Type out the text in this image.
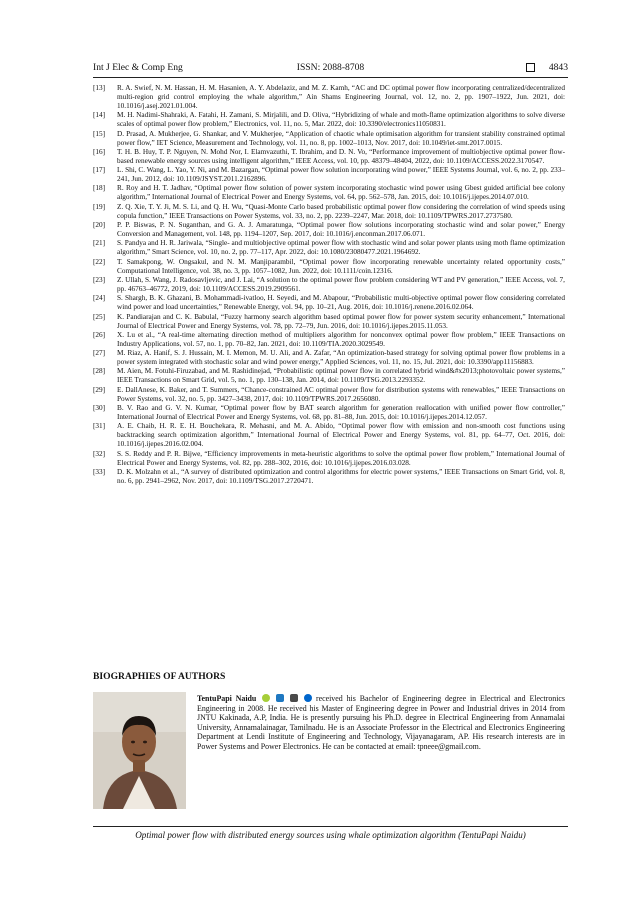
Int J Elec & Comp Eng	ISSN: 2088-8708	4843
[13]	R. A. Swief, N. M. Hassan, H. M. Hasanien, A. Y. Abdelaziz, and M. Z. Kamh, “AC and DC optimal power flow incorporating centralized/decentralized multi-region grid control employing the whale algorithm,” Ain Shams Engineering Journal, vol. 12, no. 2, pp. 1907–1922, Jun. 2021, doi: 10.1016/j.asej.2021.01.004.
[14]	M. H. Nadimi-Shahraki, A. Fatahi, H. Zamani, S. Mirjalili, and D. Oliva, “Hybridizing of whale and moth-flame optimization algorithms to solve diverse scales of optimal power flow problem,” Electronics, vol. 11, no. 5, Mar. 2022, doi: 10.3390/electronics11050831.
[15]	D. Prasad, A. Mukherjee, G. Shankar, and V. Mukherjee, “Application of chaotic whale optimisation algorithm for transient stability constrained optimal power flow,” IET Science, Measurement and Technology, vol. 11, no. 8, pp. 1002–1013, Nov. 2017, doi: 10.1049/iet-smt.2017.0015.
[16]	T. H. B. Huy, T. P. Nguyen, N. Mohd Nor, I. Elamvazuthi, T. Ibrahim, and D. N. Vo, “Performance improvement of multiobjective optimal power flow-based renewable energy sources using intelligent algorithm,” IEEE Access, vol. 10, pp. 48379–48404, 2022, doi: 10.1109/ACCESS.2022.3170547.
[17]	L. Shi, C. Wang, L. Yao, Y. Ni, and M. Bazargan, “Optimal power flow solution incorporating wind power,” IEEE Systems Journal, vol. 6, no. 2, pp. 233–241, Jun. 2012, doi: 10.1109/JSYST.2011.2162896.
[18]	R. Roy and H. T. Jadhav, “Optimal power flow solution of power system incorporating stochastic wind power using Gbest guided artificial bee colony algorithm,” International Journal of Electrical Power and Energy Systems, vol. 64, pp. 562–578, Jan. 2015, doi: 10.1016/j.ijepes.2014.07.010.
[19]	Z. Q. Xie, T. Y. Ji, M. S. Li, and Q. H. Wu, “Quasi-Monte Carlo based probabilistic optimal power flow considering the correlation of wind speeds using copula function,” IEEE Transactions on Power Systems, vol. 33, no. 2, pp. 2239–2247, Mar. 2018, doi: 10.1109/TPWRS.2017.2737580.
[20]	P. P. Biswas, P. N. Suganthan, and G. A. J. Amaratunga, “Optimal power flow solutions incorporating stochastic wind and solar power,” Energy Conversion and Management, vol. 148, pp. 1194–1207, Sep. 2017, doi: 10.1016/j.enconman.2017.06.071.
[21]	S. Pandya and H. R. Jariwala, “Single- and multiobjective optimal power flow with stochastic wind and solar power plants using moth flame optimization algorithm,” Smart Science, vol. 10, no. 2, pp. 77–117, Apr. 2022, doi: 10.1080/23080477.2021.1964692.
[22]	T. Samakpong, W. Ongsakul, and N. M. Manjiparambil, “Optimal power flow incorporating renewable uncertainty related opportunity costs,” Computational Intelligence, vol. 38, no. 3, pp. 1057–1082, Jun. 2022, doi: 10.1111/coin.12316.
[23]	Z. Ullah, S. Wang, J. Radosavljevic, and J. Lai, “A solution to the optimal power flow problem considering WT and PV generation,” IEEE Access, vol. 7, pp. 46763–46772, 2019, doi: 10.1109/ACCESS.2019.2909561.
[24]	S. Shargh, B. K. Ghazani, B. Mohammadi-ivatloo, H. Seyedi, and M. Abapour, “Probabilistic multi-objective optimal power flow considering correlated wind power and load uncertainties,” Renewable Energy, vol. 94, pp. 10–21, Aug. 2016, doi: 10.1016/j.renene.2016.02.064.
[25]	K. Pandiarajan and C. K. Babulal, “Fuzzy harmony search algorithm based optimal power flow for power system security enhancement,” International Journal of Electrical Power and Energy Systems, vol. 78, pp. 72–79, Jun. 2016, doi: 10.1016/j.ijepes.2015.11.053.
[26]	X. Lu et al., “A real-time alternating direction method of multipliers algorithm for nonconvex optimal power flow problem,” IEEE Transactions on Industry Applications, vol. 57, no. 1, pp. 70–82, Jan. 2021, doi: 10.1109/TIA.2020.3029549.
[27]	M. Riaz, A. Hanif, S. J. Hussain, M. I. Memon, M. U. Ali, and A. Zafar, “An optimization-based strategy for solving optimal power flow problems in a power system integrated with stochastic solar and wind power energy,” Applied Sciences, vol. 11, no. 15, Jul. 2021, doi: 10.3390/app11156883.
[28]	M. Aien, M. Fotuhi-Firuzabad, and M. Rashidinejad, “Probabilistic optimal power flow in correlated hybrid wind&#x2013;photovoltaic power systems,” IEEE Transactions on Smart Grid, vol. 5, no. 1, pp. 130–138, Jan. 2014, doi: 10.1109/TSG.2013.2293352.
[29]	E. DallAnese, K. Baker, and T. Summers, “Chance-constrained AC optimal power flow for distribution systems with renewables,” IEEE Transactions on Power Systems, vol. 32, no. 5, pp. 3427–3438, 2017, doi: 10.1109/TPWRS.2017.2656080.
[30]	B. V. Rao and G. V. N. Kumar, “Optimal power flow by BAT search algorithm for generation reallocation with unified power flow controller,” International Journal of Electrical Power and Energy Systems, vol. 68, pp. 81–88, Jun. 2015, doi: 10.1016/j.ijepes.2014.12.057.
[31]	A. E. Chaib, H. R. E. H. Bouchekara, R. Mehasni, and M. A. Abido, “Optimal power flow with emission and non-smooth cost functions using backtracking search optimization algorithm,” International Journal of Electrical Power and Energy Systems, vol. 81, pp. 64–77, Oct. 2016, doi: 10.1016/j.ijepes.2016.02.004.
[32]	S. S. Reddy and P. R. Bijwe, “Efficiency improvements in meta-heuristic algorithms to solve the optimal power flow problem,” International Journal of Electrical Power and Energy Systems, vol. 82, pp. 288–302, 2016, doi: 10.1016/j.ijepes.2016.03.028.
[33]	D. K. Molzahn et al., “A survey of distributed optimization and control algorithms for electric power systems,” IEEE Transactions on Smart Grid, vol. 8, no. 6, pp. 2941–2962, Nov. 2017, doi: 10.1109/TSG.2017.2720471.
BIOGRAPHIES OF AUTHORS
TentuPapi Naidu	received his Bachelor of Engineering degree in Electrical and Electronics Engineering in 2008. He received his Master of Engineering degree in Power and Industrial drives in 2014 from JNTU Kakinada, A.P, India. He is presently pursuing his Ph.D. degree in Electrical Engineering from Annamalai University, Annamalainagar, Tamilnadu. He is an Associate Professor in the Electrical and Electronics Engineering Department at Lendi Institute of Engineering and Technology, Vijayanagaram, AP. His research interests are in Power Systems and Power Electronics. He can be contacted at email: tpneee@gmail.com.
Optimal power flow with distributed energy sources using whale optimization algorithm (TentuPapi Naidu)
